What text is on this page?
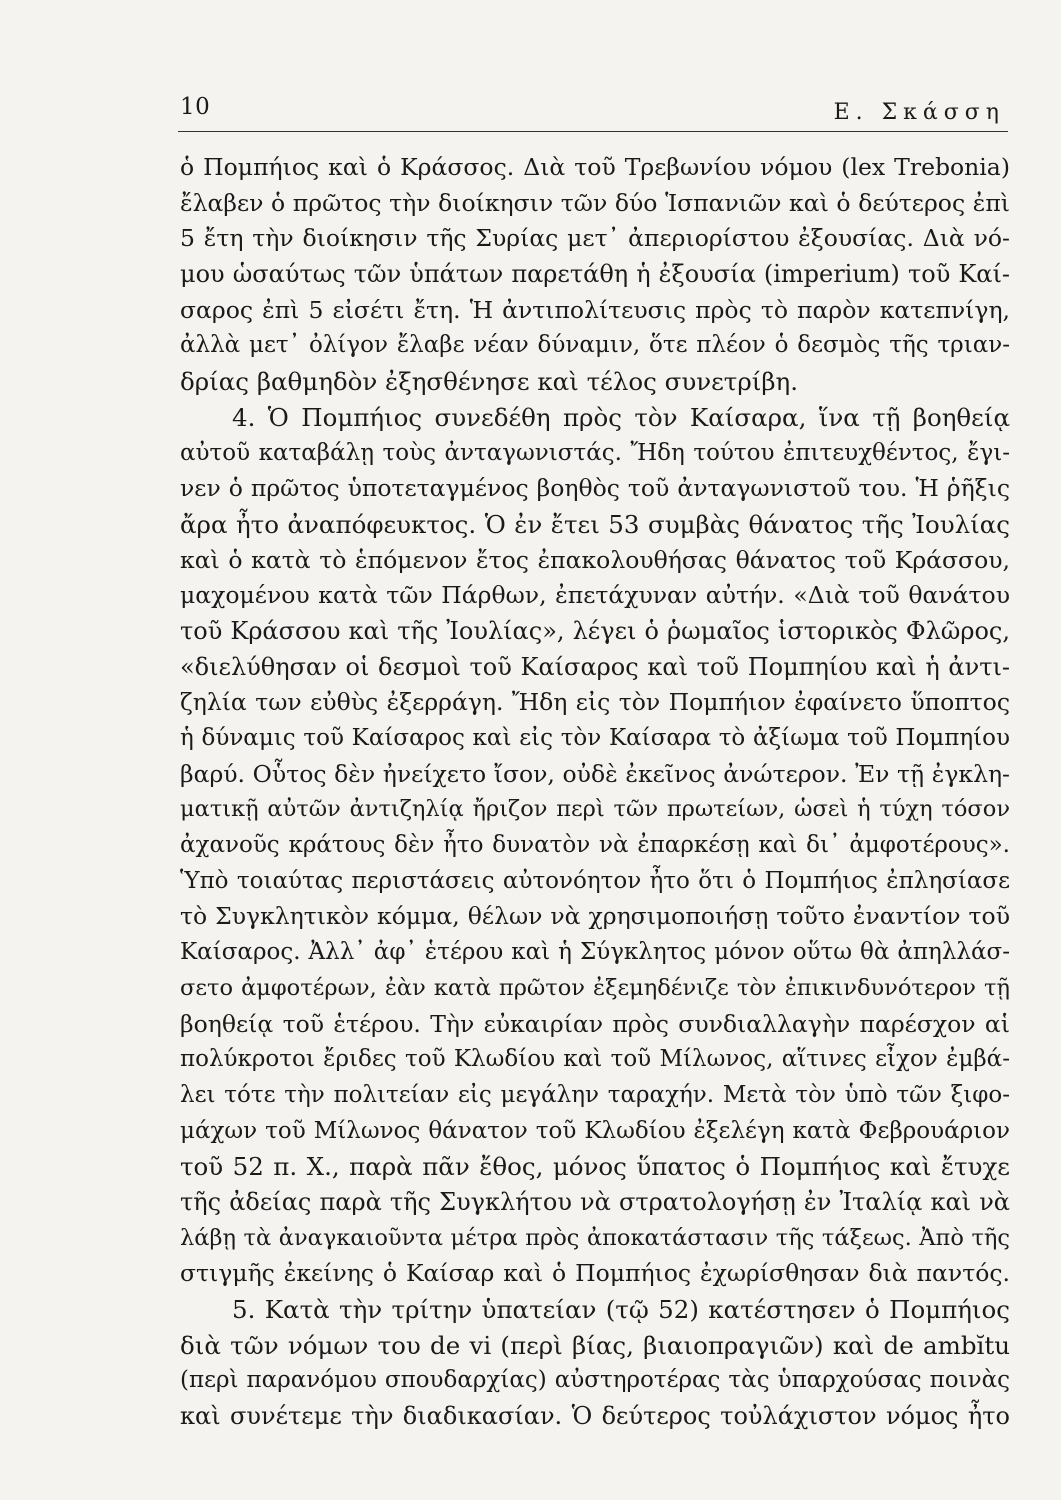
10	Ε. Σκάσση
ὁ Πομπήιος καὶ ὁ Κράσσος. Διὰ τοῦ Τρεβωνίου νόμου (lex Trebonia)
ἔλαβεν ὁ πρῶτος τὴν διοίκησιν τῶν δύο Ἱσπανιῶν καὶ ὁ δεύτερος ἐπὶ
5 ἔτη τὴν διοίκησιν τῆς Συρίας μετ᾽ ἀπεριορίστου ἐξουσίας. Διὰ νό-
μου ὡσαύτως τῶν ὑπάτων παρετάθη ἡ ἐξουσία (imperium) τοῦ Καί-
σαρος ἐπὶ 5 εἰσέτι ἔτη. Ἡ ἀντιπολίτευσις πρὸς τὸ παρὸν κατεπνίγη,
ἀλλὰ μετ᾽ ὀλίγον ἔλαβε νέαν δύναμιν, ὅτε πλέον ὁ δεσμὸς τῆς τριαν-
δρίας βαθμηδὸν ἐξησθένησε καὶ τέλος συνετρίβη.
4. Ὁ Πομπήιος συνεδέθη πρὸς τὸν Καίσαρα, ἵνα τῇ βοηθείᾳ
αὐτοῦ καταβάλῃ τοὺς ἀνταγωνιστάς. Ἤδη τούτου ἐπιτευχθέντος, ἔγι-
νεν ὁ πρῶτος ὑποτεταγμένος βοηθὸς τοῦ ἀνταγωνιστοῦ του. Ἡ ῥῆξις
ἄρα ἦτο ἀναπόφευκτος. Ὁ ἐν ἔτει 53 συμβὰς θάνατος τῆς Ἰουλίας
καὶ ὁ κατὰ τὸ ἑπόμενον ἔτος ἐπακολουθήσας θάνατος τοῦ Κράσσου,
μαχομένου κατὰ τῶν Πάρθων, ἐπετάχυναν αὐτήν. «Διὰ τοῦ θανάτου
τοῦ Κράσσου καὶ τῆς Ἰουλίας», λέγει ὁ ῥωμαῖος ἱστορικὸς Φλῶρος,
«διελύθησαν οἱ δεσμοὶ τοῦ Καίσαρος καὶ τοῦ Πομπηίου καὶ ἡ ἀντι-
ζηλία των εὐθὺς ἐξερράγη. Ἤδη εἰς τὸν Πομπήιον ἐφαίνετο ὕποπτος
ἡ δύναμις τοῦ Καίσαρος καὶ εἰς τὸν Καίσαρα τὸ ἀξίωμα τοῦ Πομπηίου
βαρύ. Οὗτος δὲν ἠνείχετο ἴσον, οὐδὲ ἐκεῖνος ἀνώτερον. Ἐν τῇ ἐγκλη-
ματικῇ αὐτῶν ἀντιζηλίᾳ ἤριζον περὶ τῶν πρωτείων, ὡσεὶ ἡ τύχη τόσον
ἀχανοῦς κράτους δὲν ἦτο δυνατὸν νὰ ἐπαρκέσῃ καὶ δι᾽ ἀμφοτέρους».
Ὑπὸ τοιαύτας περιστάσεις αὐτονόητον ἦτο ὅτι ὁ Πομπήιος ἐπλησίασε
τὸ Συγκλητικὸν κόμμα, θέλων νὰ χρησιμοποιήσῃ τοῦτο ἐναντίον τοῦ
Καίσαρος. Ἀλλ᾽ ἀφ᾽ ἑτέρου καὶ ἡ Σύγκλητος μόνον οὕτω θὰ ἀπηλλάσ-
σετο ἀμφοτέρων, ἐὰν κατὰ πρῶτον ἐξεμηδένιζε τὸν ἐπικινδυνότερον τῇ
βοηθείᾳ τοῦ ἑτέρου. Τὴν εὐκαιρίαν πρὸς συνδιαλλαγὴν παρέσχον αἱ
πολύκροτοι ἔριδες τοῦ Κλωδίου καὶ τοῦ Μίλωνος, αἵτινες εἶχον ἐμβά-
λει τότε τὴν πολιτείαν εἰς μεγάλην ταραχήν. Μετὰ τὸν ὑπὸ τῶν ξιφο-
μάχων τοῦ Μίλωνος θάνατον τοῦ Κλωδίου ἐξελέγη κατὰ Φεβρουάριον
τοῦ 52 π. Χ., παρὰ πᾶν ἔθος, μόνος ὕπατος ὁ Πομπήιος καὶ ἔτυχε
τῆς ἀδείας παρὰ τῆς Συγκλήτου νὰ στρατολογήσῃ ἐν Ἰταλίᾳ καὶ νὰ
λάβῃ τὰ ἀναγκαιοῦντα μέτρα πρὸς ἀποκατάστασιν τῆς τάξεως. Ἀπὸ τῆς
στιγμῆς ἐκείνης ὁ Καίσαρ καὶ ὁ Πομπήιος ἐχωρίσθησαν διὰ παντός.
5. Κατὰ τὴν τρίτην ὑπατείαν (τῷ 52) κατέστησεν ὁ Πομπήιος
διὰ τῶν νόμων του de vi (περὶ βίας, βιαιοπραγιῶν) καὶ de ambĭtu
(περὶ παρανόμου σπουδαρχίας) αὐστηροτέρας τὰς ὑπαρχούσας ποινὰς
καὶ συνέτεμε τὴν διαδικασίαν. Ὁ δεύτερος τοὐλάχιστον νόμος ἦτο
